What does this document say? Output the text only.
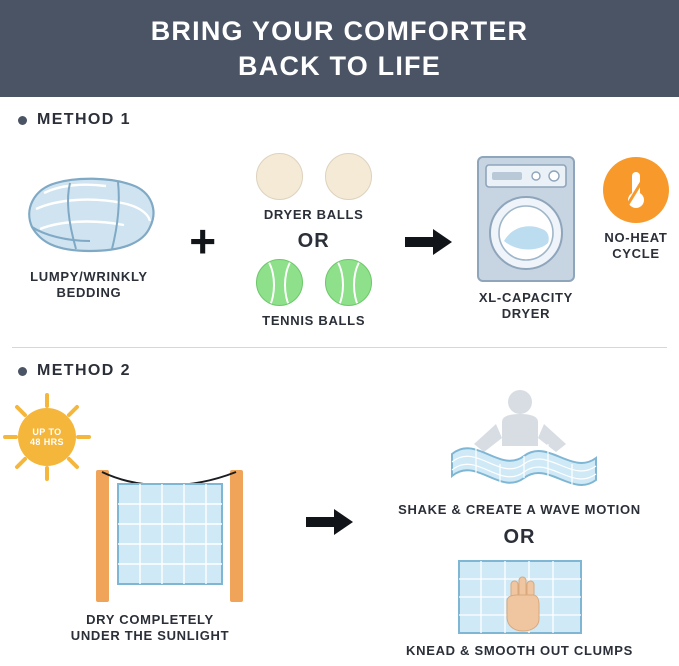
BRING YOUR COMFORTER
BACK TO LIFE
METHOD 1
LUMPY/WRINKLY
BEDDING
+
DRYER BALLS
OR
TENNIS BALLS
XL-CAPACITY
DRYER
NO-HEAT
CYCLE
METHOD 2
UP TO
48 HRS
DRY COMPLETELY
UNDER THE SUNLIGHT
SHAKE & CREATE A WAVE MOTION
OR
KNEAD & SMOOTH OUT CLUMPS
